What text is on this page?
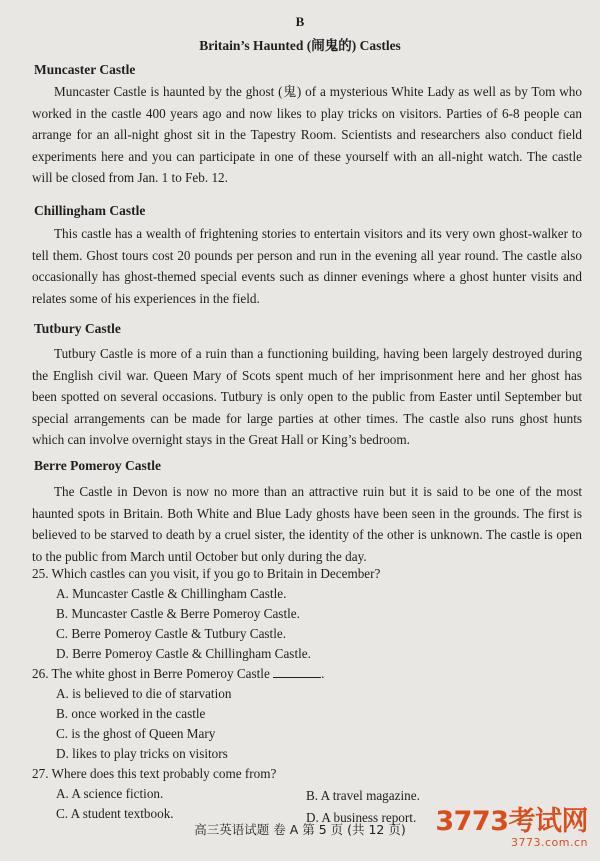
B
Britain’s Haunted (闹鬼的) Castles
Muncaster Castle

Muncaster Castle is haunted by the ghost (鬼) of a mysterious White Lady as well as by Tom who worked in the castle 400 years ago and now likes to play tricks on visitors. Parties of 6-8 people can arrange for an all-night ghost sit in the Tapestry Room. Scientists and researchers also conduct field experiments here and you can participate in one of these yourself with an all-night watch. The castle will be closed from Jan. 1 to Feb. 12.

Chillingham Castle

This castle has a wealth of frightening stories to entertain visitors and its very own ghost-walker to tell them. Ghost tours cost 20 pounds per person and run in the evening all year round. The castle also occasionally has ghost-themed special events such as dinner evenings where a ghost hunter visits and relates some of his experiences in the field.

Tutbury Castle

Tutbury Castle is more of a ruin than a functioning building, having been largely destroyed during the English civil war. Queen Mary of Scots spent much of her imprisonment here and her ghost has been spotted on several occasions. Tutbury is only open to the public from Easter until September but special arrangements can be made for large parties at other times. The castle also runs ghost hunts which can involve overnight stays in the Great Hall or King’s bedroom.

Berre Pomeroy Castle

The Castle in Devon is now no more than an attractive ruin but it is said to be one of the most haunted spots in Britain. Both White and Blue Lady ghosts have been seen in the grounds. The first is believed to be starved to death by a cruel sister, the identity of the other is unknown. The castle is open to the public from March until October but only during the day.

25. Which castles can you visit, if you go to Britain in December?
A. Muncaster Castle & Chillingham Castle.
B. Muncaster Castle & Berre Pomeroy Castle.
C. Berre Pomeroy Castle & Tutbury Castle.
D. Berre Pomeroy Castle & Chillingham Castle.
26. The white ghost in Berre Pomeroy Castle	.
A. is believed to die of starvation
B. once worked in the castle
C. is the ghost of Queen Mary
D. likes to play tricks on visitors
27. Where does this text probably come from?
A. A science fiction.	B. A travel magazine.
C. A student textbook.	D. A business report.
高三英语试题 卷 A 第 5 页 (共 12 页)	3773考试网
3773.com.cn
